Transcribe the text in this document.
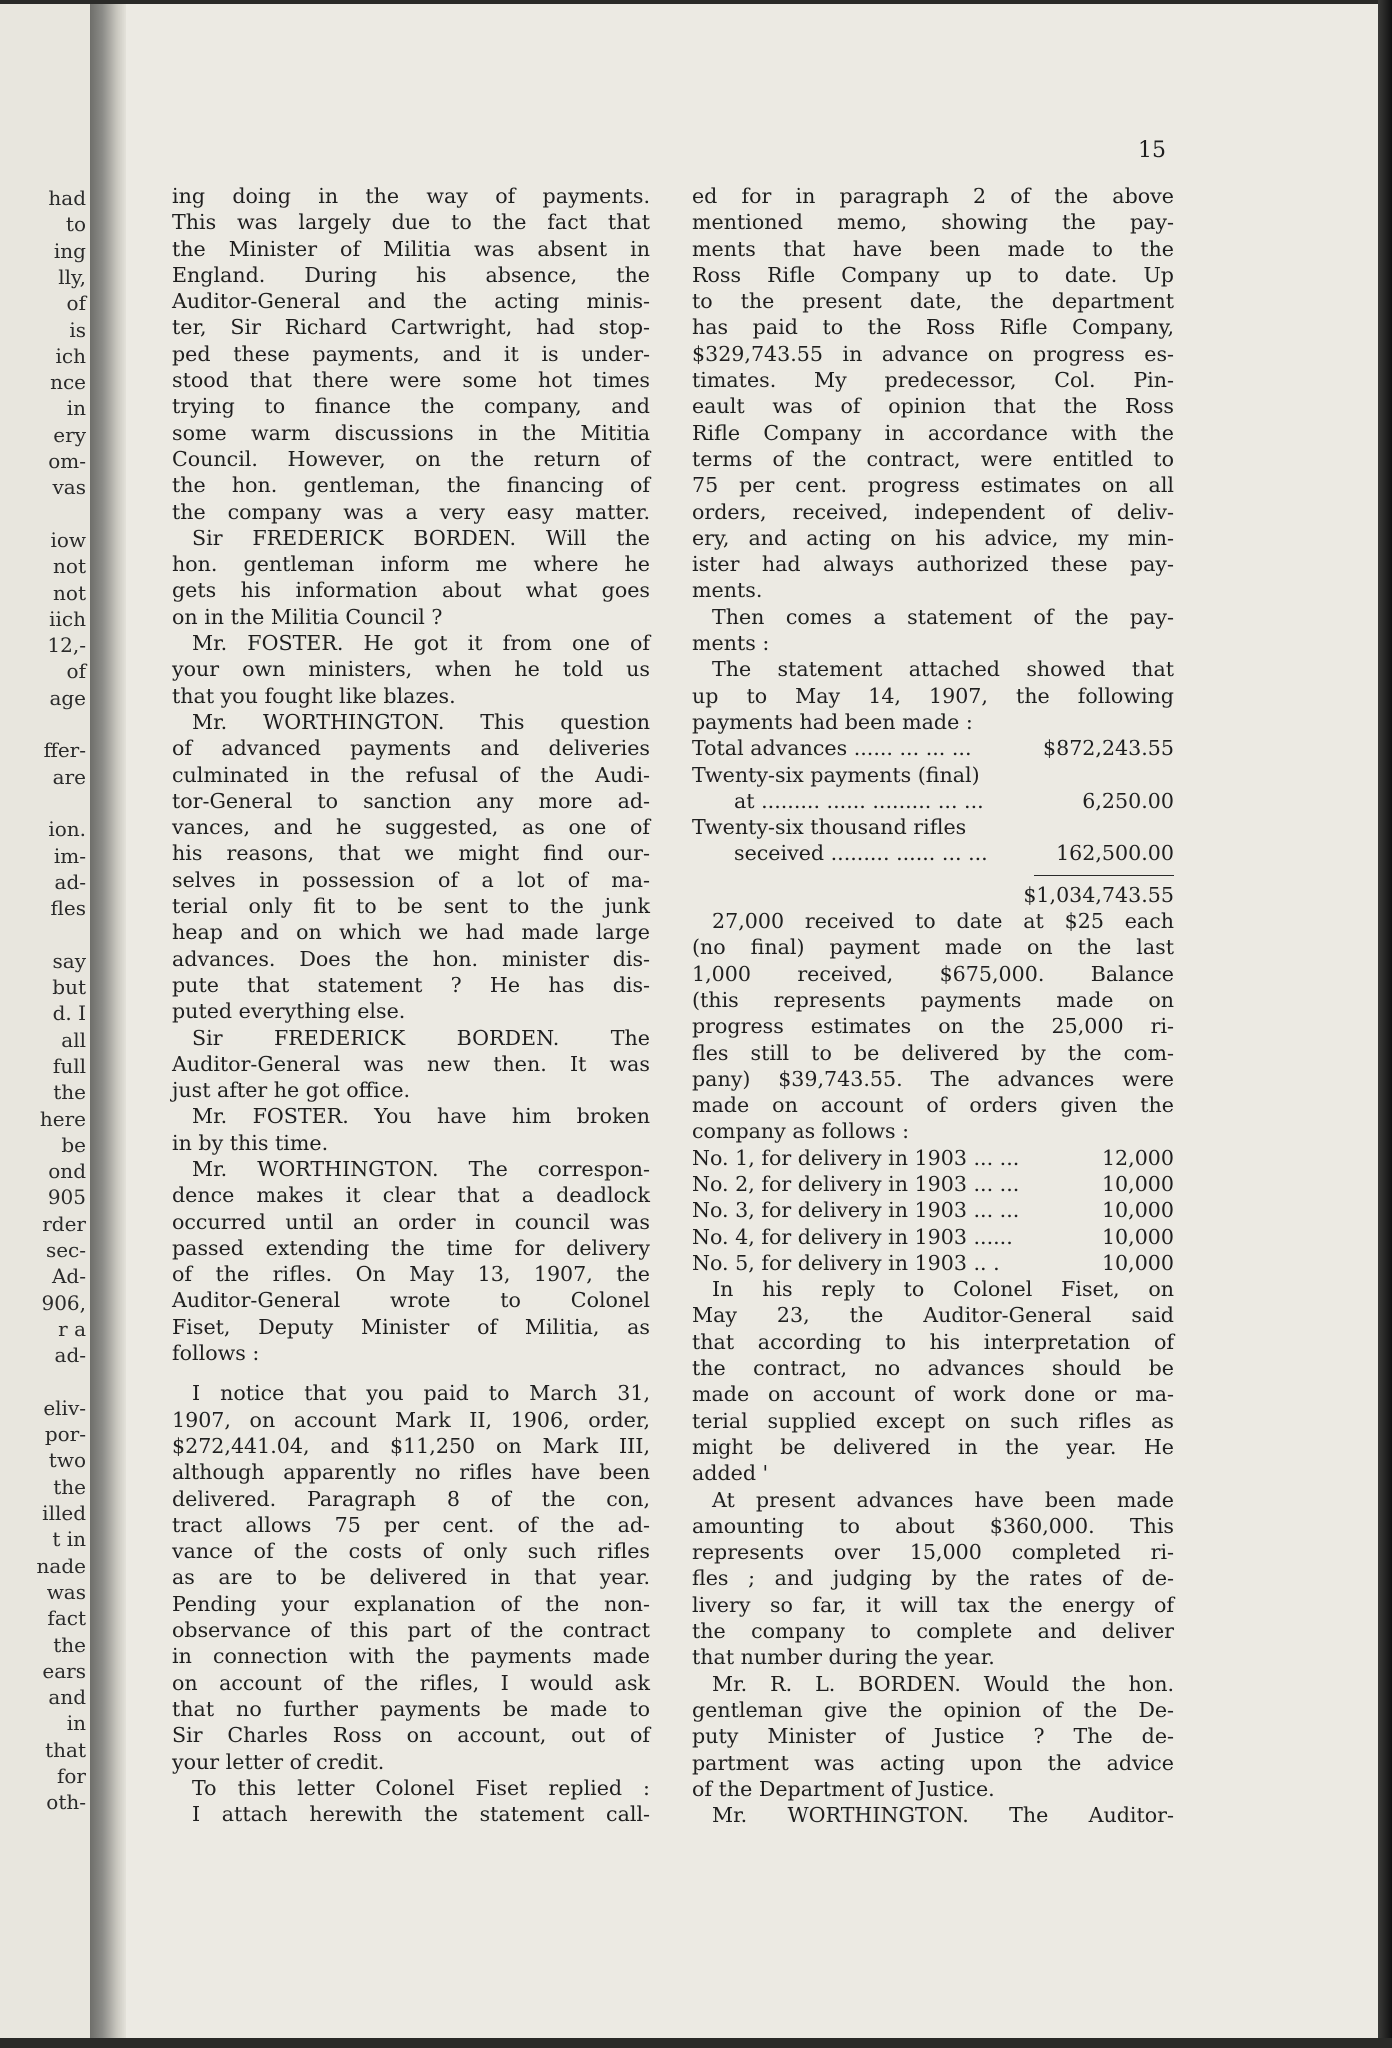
had
to
ing
lly,
of
is
ich
nce
in
ery
om-
vas
iow
not
not
iich
12,-
of
age
ffer-
are
ion.
im-
ad-
fles
say
but
d. I
all
full
the
here
be
ond
905
rder
sec-
Ad-
906,
r a
ad-
eliv-
por-
two
the
illed
t in
nade
was
fact
the
ears
and
in
that
for
oth-
15
ing doing in the way of payments.
This was largely due to the fact that
the Minister of Militia was absent in
England. During his absence, the
Auditor-General and the acting minis-
ter, Sir Richard Cartwright, had stop-
ped these payments, and it is under-
stood that there were some hot times
trying to finance the company, and
some warm discussions in the Mititia
Council. However, on the return of
the hon. gentleman, the financing of
the company was a very easy matter.
Sir FREDERICK BORDEN. Will the
hon. gentleman inform me where he
gets his information about what goes
on in the Militia Council ?
Mr. FOSTER. He got it from one of
your own ministers, when he told us
that you fought like blazes.
Mr. WORTHINGTON. This question
of advanced payments and deliveries
culminated in the refusal of the Audi-
tor-General to sanction any more ad-
vances, and he suggested, as one of
his reasons, that we might find our-
selves in possession of a lot of ma-
terial only fit to be sent to the junk
heap and on which we had made large
advances. Does the hon. minister dis-
pute that statement ? He has dis-
puted everything else.
Sir FREDERICK BORDEN. The
Auditor-General was new then. It was
just after he got office.
Mr. FOSTER. You have him broken
in by this time.
Mr. WORTHINGTON. The correspon-
dence makes it clear that a deadlock
occurred until an order in council was
passed extending the time for delivery
of the rifles. On May 13, 1907, the
Auditor-General wrote to Colonel
Fiset, Deputy Minister of Militia, as
follows :
I notice that you paid to March 31,
1907, on account Mark II, 1906, order,
$272,441.04, and $11,250 on Mark III,
although apparently no rifles have been
delivered. Paragraph 8 of the con,
tract allows 75 per cent. of the ad-
vance of the costs of only such rifles
as are to be delivered in that year.
Pending your explanation of the non-
observance of this part of the contract
in connection with the payments made
on account of the rifles, I would ask
that no further payments be made to
Sir Charles Ross on account, out of
your letter of credit.
To this letter Colonel Fiset replied :
I attach herewith the statement call-
ed for in paragraph 2 of the above
mentioned memo, showing the pay-
ments that have been made to the
Ross Rifle Company up to date. Up
to the present date, the department
has paid to the Ross Rifle Company,
$329,743.55 in advance on progress es-
timates. My predecessor, Col. Pin-
eault was of opinion that the Ross
Rifle Company in accordance with the
terms of the contract, were entitled to
75 per cent. progress estimates on all
orders, received, independent of deliv-
ery, and acting on his advice, my min-
ister had always authorized these pay-
ments.
Then comes a statement of the pay-
ments :
The statement attached showed that
up to May 14, 1907, the following
payments had been made :
Total advances ...... ... ... ...	$872,243.55
Twenty-six payments (final)
at ......... ...... ......... ... ...	6,250.00
Twenty-six thousand rifles
seceived ......... ...... ... ...	162,500.00
$1,034,743.55
27,000 received to date at $25 each
(no final) payment made on the last
1,000 received, $675,000. Balance
(this represents payments made on
progress estimates on the 25,000 ri-
fles still to be delivered by the com-
pany) $39,743.55. The advances were
made on account of orders given the
company as follows :
No. 1, for delivery in 1903 ... ...	12,000
No. 2, for delivery in 1903 ... ...	10,000
No. 3, for delivery in 1903 ... ...	10,000
No. 4, for delivery in 1903 ......	10,000
No. 5, for delivery in 1903 .. .	10,000
In his reply to Colonel Fiset, on
May 23, the Auditor-General said
that according to his interpretation of
the contract, no advances should be
made on account of work done or ma-
terial supplied except on such rifles as
might be delivered in the year. He
added '
At present advances have been made
amounting to about $360,000. This
represents over 15,000 completed ri-
fles ; and judging by the rates of de-
livery so far, it will tax the energy of
the company to complete and deliver
that number during the year.
Mr. R. L. BORDEN. Would the hon.
gentleman give the opinion of the De-
puty Minister of Justice ? The de-
partment was acting upon the advice
of the Department of Justice.
Mr. WORTHINGTON. The Auditor-
